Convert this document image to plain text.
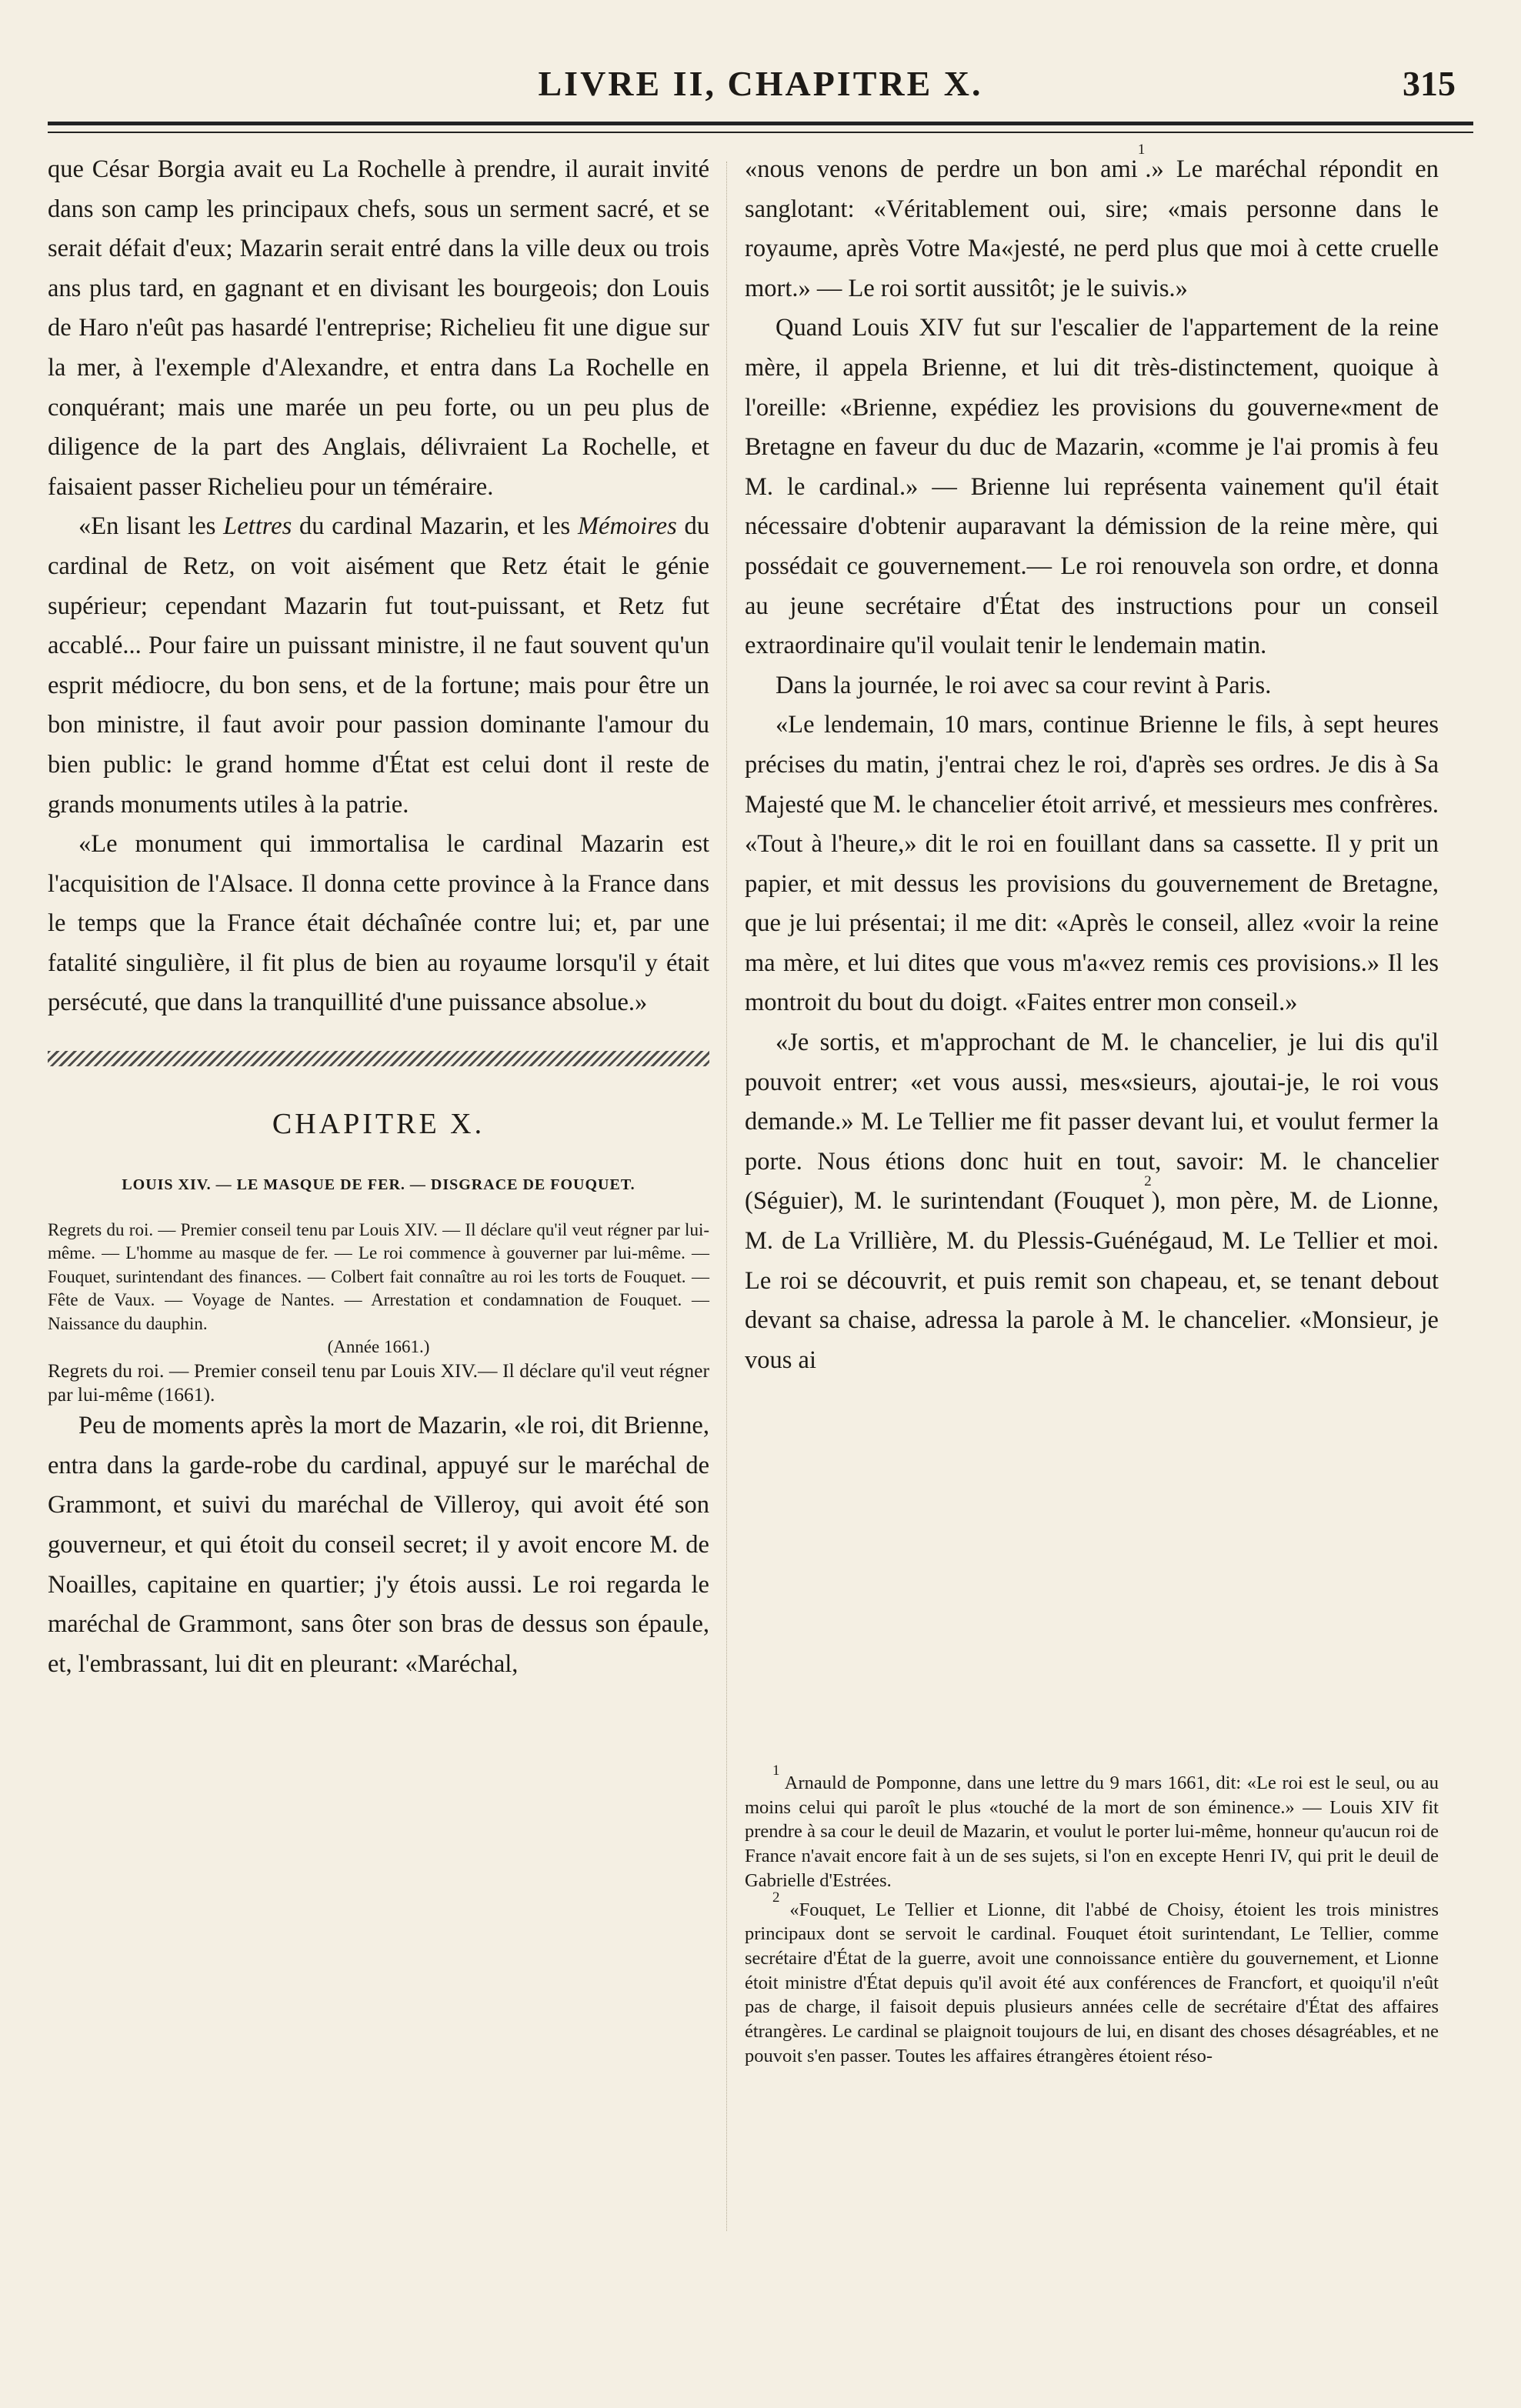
LIVRE II, CHAPITRE X.	315

que César Borgia avait eu La Rochelle à prendre, il aurait invité dans son camp les principaux chefs, sous un serment sacré, et se serait défait d'eux; Mazarin serait entré dans la ville deux ou trois ans plus tard, en gagnant et en divisant les bourgeois; don Louis de Haro n'eût pas hasardé l'entreprise; Richelieu fit une digue sur la mer, à l'exemple d'Alexandre, et entra dans La Rochelle en conquérant; mais une marée un peu forte, ou un peu plus de diligence de la part des Anglais, délivraient La Rochelle, et faisaient passer Richelieu pour un téméraire.

«En lisant les Lettres du cardinal Mazarin, et les Mémoires du cardinal de Retz, on voit aisément que Retz était le génie supérieur; cependant Mazarin fut tout-puissant, et Retz fut accablé... Pour faire un puissant ministre, il ne faut souvent qu'un esprit médiocre, du bon sens, et de la fortune; mais pour être un bon ministre, il faut avoir pour passion dominante l'amour du bien public: le grand homme d'État est celui dont il reste de grands monuments utiles à la patrie.

«Le monument qui immortalisa le cardinal Mazarin est l'acquisition de l'Alsace. Il donna cette province à la France dans le temps que la France était déchaînée contre lui; et, par une fatalité singulière, il fit plus de bien au royaume lorsqu'il y était persécuté, que dans la tranquillité d'une puissance absolue.»

CHAPITRE X.
LOUIS XIV. — LE MASQUE DE FER. — DISGRACE DE FOUQUET.

Regrets du roi. — Premier conseil tenu par Louis XIV. — Il déclare qu'il veut régner par lui-même. — L'homme au masque de fer. — Le roi commence à gouverner par lui-même. — Fouquet, surintendant des finances. — Colbert fait connaître au roi les torts de Fouquet. — Fête de Vaux. — Voyage de Nantes. — Arrestation et condamnation de Fouquet. — Naissance du dauphin.

(Année 1661.)

Regrets du roi. — Premier conseil tenu par Louis XIV.— Il déclare qu'il veut régner par lui-même (1661).

Peu de moments après la mort de Mazarin, «le roi, dit Brienne, entra dans la garde-robe du cardinal, appuyé sur le maréchal de Grammont, et suivi du maréchal de Villeroy, qui avoit été son gouverneur, et qui étoit du conseil secret; il y avoit encore M. de Noailles, capitaine en quartier; j'y étois aussi. Le roi regarda le maréchal de Grammont, sans ôter son bras de dessus son épaule, et, l'embrassant, lui dit en pleurant: «Maréchal,

«nous venons de perdre un bon ami$^1$.» Le maréchal répondit en sanglotant: «Véritablement oui, sire; «mais personne dans le royaume, après Votre Ma«jesté, ne perd plus que moi à cette cruelle mort.» — Le roi sortit aussitôt; je le suivis.»

Quand Louis XIV fut sur l'escalier de l'appartement de la reine mère, il appela Brienne, et lui dit très-distinctement, quoique à l'oreille: «Brienne, expédiez les provisions du gouverne«ment de Bretagne en faveur du duc de Mazarin, «comme je l'ai promis à feu M. le cardinal.» — Brienne lui représenta vainement qu'il était nécessaire d'obtenir auparavant la démission de la reine mère, qui possédait ce gouvernement.— Le roi renouvela son ordre, et donna au jeune secrétaire d'État des instructions pour un conseil extraordinaire qu'il voulait tenir le lendemain matin.

Dans la journée, le roi avec sa cour revint à Paris.

«Le lendemain, 10 mars, continue Brienne le fils, à sept heures précises du matin, j'entrai chez le roi, d'après ses ordres. Je dis à Sa Majesté que M. le chancelier étoit arrivé, et messieurs mes confrères. «Tout à l'heure,» dit le roi en fouillant dans sa cassette. Il y prit un papier, et mit dessus les provisions du gouvernement de Bretagne, que je lui présentai; il me dit: «Après le conseil, allez «voir la reine ma mère, et lui dites que vous m'a«vez remis ces provisions.» Il les montroit du bout du doigt. «Faites entrer mon conseil.»

«Je sortis, et m'approchant de M. le chancelier, je lui dis qu'il pouvoit entrer; «et vous aussi, mes«sieurs, ajoutai-je, le roi vous demande.» M. Le Tellier me fit passer devant lui, et voulut fermer la porte. Nous étions donc huit en tout, savoir: M. le chancelier (Séguier), M. le surintendant (Fouquet$^2$), mon père, M. de Lionne, M. de La Vrillière, M. du Plessis-Guénégaud, M. Le Tellier et moi. Le roi se découvrit, et puis remit son chapeau, et, se tenant debout devant sa chaise, adressa la parole à M. le chancelier. «Monsieur, je vous ai

$^1$ Arnauld de Pomponne, dans une lettre du 9 mars 1661, dit: «Le roi est le seul, ou au moins celui qui paroît le plus «touché de la mort de son éminence.» — Louis XIV fit prendre à sa cour le deuil de Mazarin, et voulut le porter lui-même, honneur qu'aucun roi de France n'avait encore fait à un de ses sujets, si l'on en excepte Henri IV, qui prit le deuil de Gabrielle d'Estrées.

$^2$ «Fouquet, Le Tellier et Lionne, dit l'abbé de Choisy, étoient les trois ministres principaux dont se servoit le cardinal. Fouquet étoit surintendant, Le Tellier, comme secrétaire d'État de la guerre, avoit une connoissance entière du gouvernement, et Lionne étoit ministre d'État depuis qu'il avoit été aux conférences de Francfort, et quoiqu'il n'eût pas de charge, il faisoit depuis plusieurs années celle de secrétaire d'État des affaires étrangères. Le cardinal se plaignoit toujours de lui, en disant des choses désagréables, et ne pouvoit s'en passer. Toutes les affaires étrangères étoient réso-
